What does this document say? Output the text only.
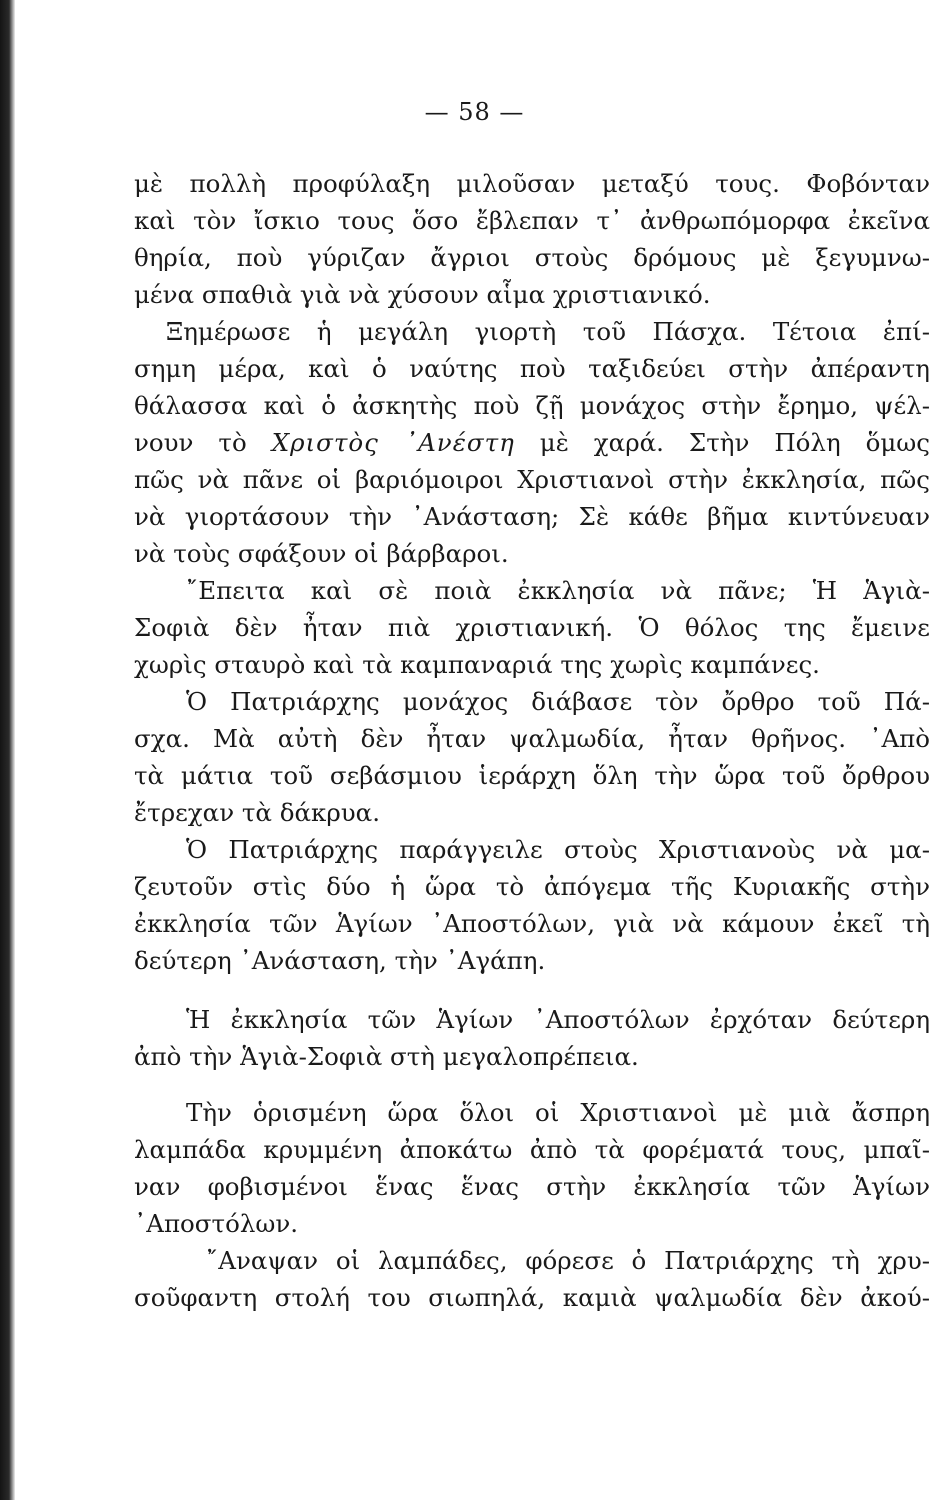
— 58 —
μὲ πολλὴ προφύλαξη μιλοῦσαν μεταξύ τους. Φοβόνταν
καὶ τὸν ἴσκιο τους ὅσο ἔβλεπαν τ᾽ ἀνθρωπόμορφα ἐκεῖνα
θηρία, ποὺ γύριζαν ἄγριοι στοὺς δρόμους μὲ ξεγυμνω-
μένα σπαθιὰ γιὰ νὰ χύσουν αἷμα χριστιανικό.
Ξημέρωσε ἡ μεγάλη γιορτὴ τοῦ Πάσχα. Τέτοια ἐπί-
σημη μέρα, καὶ ὁ ναύτης ποὺ ταξιδεύει στὴν ἀπέραντη
θάλασσα καὶ ὁ ἀσκητὴς ποὺ ζῇ μονάχος στὴν ἔρημο, ψέλ-
νουν τὸ Χριστὸς ᾿Ανέστη μὲ χαρά. Στὴν Πόλη ὅμως
πῶς νὰ πᾶνε οἱ βαριόμοιροι Χριστιανοὶ στὴν ἐκκλησία, πῶς
νὰ γιορτάσουν τὴν ᾿Ανάσταση; Σὲ κάθε βῆμα κιντύνευαν
νὰ τοὺς σφάξουν οἱ βάρβαροι.
῎Επειτα καὶ σὲ ποιὰ ἐκκλησία νὰ πᾶνε; Ἡ Ἁγιὰ-
Σοφιὰ δὲν ἦταν πιὰ χριστιανική. Ὁ θόλος της ἔμεινε
χωρὶς σταυρὸ καὶ τὰ καμπαναριά της χωρὶς καμπάνες.
Ὁ Πατριάρχης μονάχος διάβασε τὸν ὄρθρο τοῦ Πά-
σχα. Μὰ αὐτὴ δὲν ἦταν ψαλμωδία, ἦταν θρῆνος. ᾿Απὸ
τὰ μάτια τοῦ σεβάσμιου ἱεράρχη ὅλη τὴν ὥρα τοῦ ὄρθρου
ἔτρεχαν τὰ δάκρυα.
Ὁ Πατριάρχης παράγγειλε στοὺς Χριστιανοὺς νὰ μα-
ζευτοῦν στὶς δύο ἡ ὥρα τὸ ἀπόγεμα τῆς Κυριακῆς στὴν
ἐκκλησία τῶν Ἁγίων ᾿Αποστόλων, γιὰ νὰ κάμουν ἐκεῖ τὴ
δεύτερη ᾿Ανάσταση, τὴν ᾿Αγάπη.
Ἡ ἐκκλησία τῶν Ἁγίων ᾿Αποστόλων ἐρχόταν δεύτερη
ἀπὸ τὴν Ἁγιὰ-Σοφιὰ στὴ μεγαλοπρέπεια.
Τὴν ὁρισμένη ὥρα ὅλοι οἱ Χριστιανοὶ μὲ μιὰ ἄσπρη
λαμπάδα κρυμμένη ἀποκάτω ἀπὸ τὰ φορέματά τους, μπαῖ-
ναν φοβισμένοι ἕνας ἕνας στὴν ἐκκλησία τῶν Ἁγίων
᾿Αποστόλων.
῎Αναψαν οἱ λαμπάδες, φόρεσε ὁ Πατριάρχης τὴ χρυ-
σοῦφαντη στολή του σιωπηλά, καμιὰ ψαλμωδία δὲν ἀκού-
